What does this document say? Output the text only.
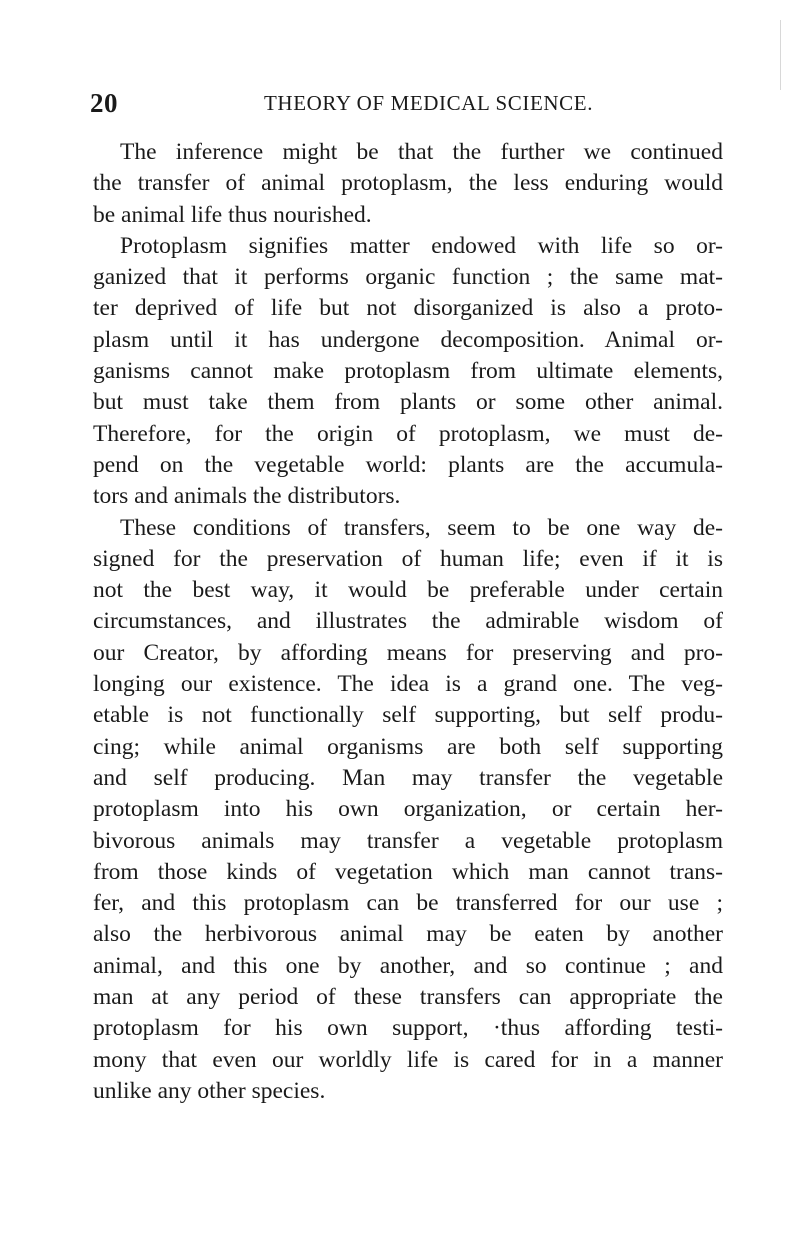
20	THEORY OF MEDICAL SCIENCE.
The inference might be that the further we continued
the transfer of animal protoplasm, the less enduring would
be animal life thus nourished.
Protoplasm signifies matter endowed with life so or-
ganized that it performs organic function ; the same mat-
ter deprived of life but not disorganized is also a proto-
plasm until it has undergone decomposition. Animal or-
ganisms cannot make protoplasm from ultimate elements,
but must take them from plants or some other animal.
Therefore, for the origin of protoplasm, we must de-
pend on the vegetable world: plants are the accumula-
tors and animals the distributors.
These conditions of transfers, seem to be one way de-
signed for the preservation of human life; even if it is
not the best way, it would be preferable under certain
circumstances, and illustrates the admirable wisdom of
our Creator, by affording means for preserving and pro-
longing our existence. The idea is a grand one. The veg-
etable is not functionally self supporting, but self produ-
cing; while animal organisms are both self supporting
and self producing. Man may transfer the vegetable
protoplasm into his own organization, or certain her-
bivorous animals may transfer a vegetable protoplasm
from those kinds of vegetation which man cannot trans-
fer, and this protoplasm can be transferred for our use ;
also the herbivorous animal may be eaten by another
animal, and this one by another, and so continue ; and
man at any period of these transfers can appropriate the
protoplasm for his own support, ·thus affording testi-
mony that even our worldly life is cared for in a manner
unlike any other species.
